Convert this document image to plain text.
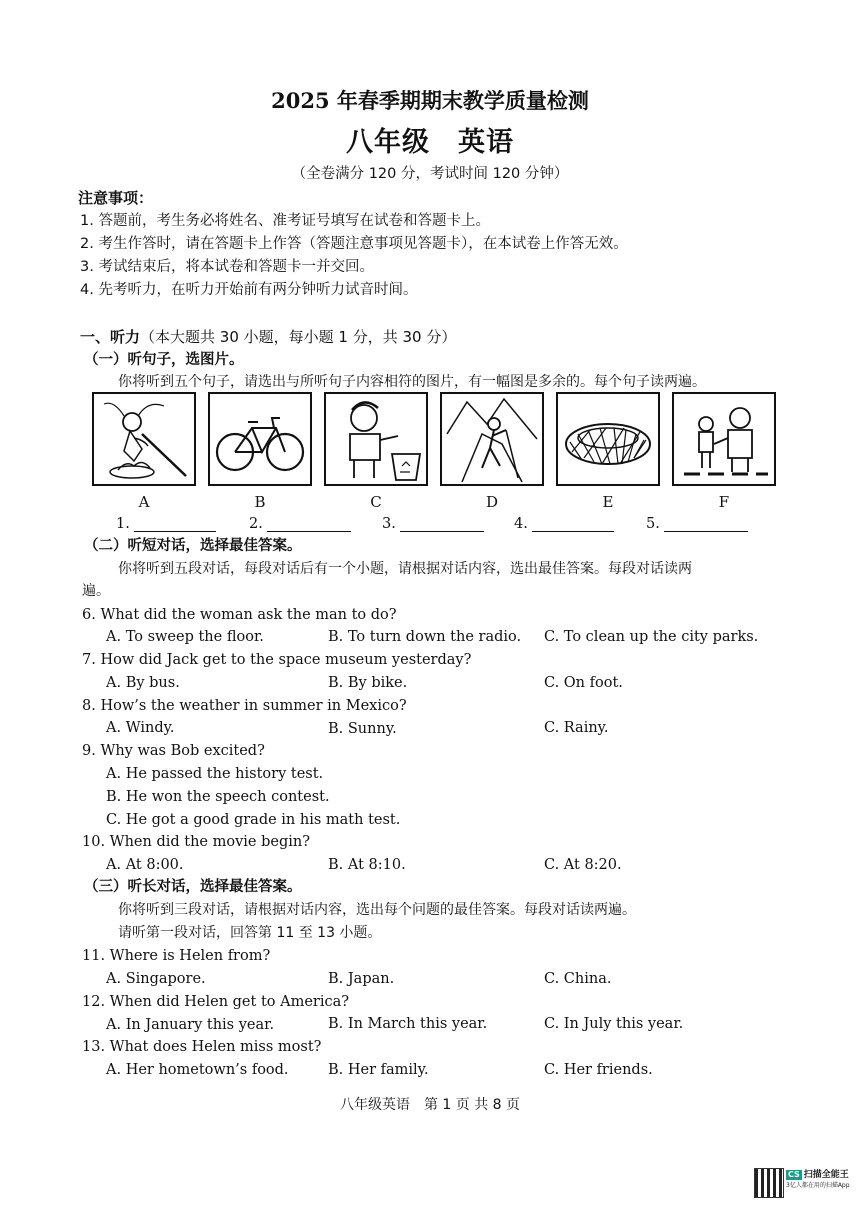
2025 年春季期期末教学质量检测
八年级　英语
（全卷满分 120 分，考试时间 120 分钟）
注意事项：
1. 答题前，考生务必将姓名、准考证号填写在试卷和答题卡上。
2. 考生作答时，请在答题卡上作答（答题注意事项见答题卡），在本试卷上作答无效。
3. 考试结束后，将本试卷和答题卡一并交回。
4. 先考听力，在听力开始前有两分钟听力试音时间。
一、听力（本大题共 30 小题，每小题 1 分，共 30 分）
（一）听句子，选图片。
你将听到五个句子，请选出与所听句子内容相符的图片，有一幅图是多余的。每个句子读两遍。
A	B	C	D	E	F
1.	2.	3.	4.	5.
（二）听短对话，选择最佳答案。
你将听到五段对话，每段对话后有一个小题，请根据对话内容，选出最佳答案。每段对话读两
遍。
6. What did the woman ask the man to do?
A. To sweep the floor.	B. To turn down the radio. C. To clean up the city parks.
7. How did Jack get to the space museum yesterday?
A. By bus.	B. By bike.	C. On foot.
8. How’s the weather in summer in Mexico?
A. Windy.	B. Sunny.	C. Rainy.
9. Why was Bob excited?
A. He passed the history test.
B. He won the speech contest.
C. He got a good grade in his math test.
10. When did the movie begin?
A. At 8:00.	B. At 8:10.	C. At 8:20.
（三）听长对话，选择最佳答案。
你将听到三段对话，请根据对话内容，选出每个问题的最佳答案。每段对话读两遍。
请听第一段对话，回答第 11 至 13 小题。
11. Where is Helen from?
A. Singapore.	B. Japan.	C. China.
12. When did Helen get to America?
A. In January this year.	B. In March this year.	C. In July this year.
13. What does Helen miss most?
A. Her hometown’s food.	B. Her family.	C. Her friends.
八年级英语　第 1 页 共 8 页
CS 扫描全能王
3亿人都在用的扫描App
